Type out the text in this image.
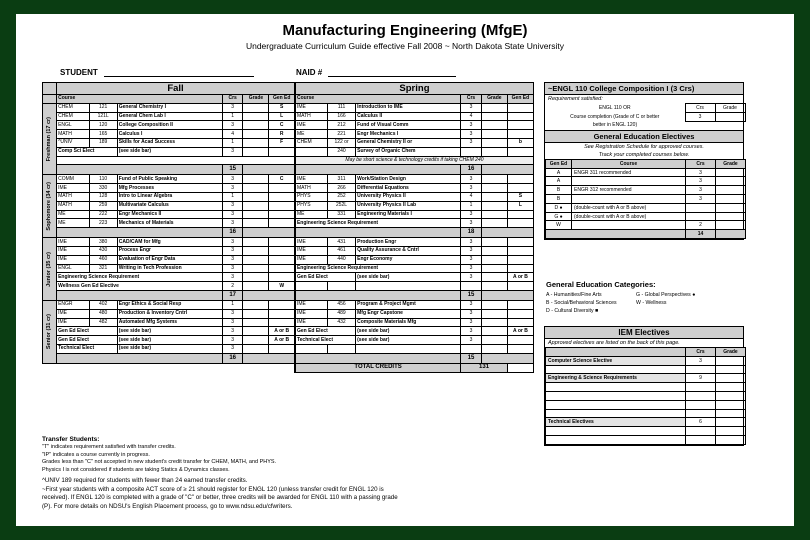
Manufacturing Engineering (MfgE)
Undergraduate Curriculum Guide effective Fall 2008 ~ North Dakota State University
STUDENT	NAID #
	Fall						Spring					
	Course			Crs	Grade	Gen Ed	Course			Crs	Grade	Gen Ed

Freshman (17 cr)	CHEM	121	General Chemistry I	3		S	IME	111	Introduction to IME	3		
	CHEM	121L	General Chem Lab I	1		L	MATH	166	Calculus II	4		
	ENGL	120	College Composition II	3		C	IME	212	Fund of Visual Comm	3		
	MATH	165	Calculus I	4		R	ME	221	Engr Mechanics I	3		
	^UNIV	189	Skills for Acad Success	1		F	CHEM	122 or	General Chemistry II or	3		b
	Comp Sci Elect		(see side bar)	3				240	Survey of Organic Chem			
							May be short science & technology credits if taking CHEM 240					
				15						16		

Sophomore (34 cr)	COMM	110	Fund of Public Speaking	3		C	IME	311	Work/Station Design	3		
	IME	330	Mfg Processes	3			MATH	266	Differential Equations	3		
	MATH	128	Intro to Linear Algebra	1			PHYS	252	University Physics II	4		S
	MATH	259	Multivariate Calculus	3			PHYS	252L	University Physics II Lab	1		L
	ME	222	Engr Mechanics II	3			ME	331	Engineering Materials I	3		
	ME	223	Mechanics of Materials	3			Engineering Science Requirement			3		
				16						18		

Junior (35 cr)	IME	380	CAD/CAM for Mfg	3			IME	431	Production Engr	3		
	IME	430	Process Engr	3			IME	461	Quality Assurance & Cntrl	3		
	IME	460	Evaluation of Engr Data	3			IME	440	Engr Economy	3		
	ENGL	321	Writing in Tech Profession	3			Engineering Science Requirement			3		
	Engineering Science Requirement			3			Gen Ed Elect		(see side bar)	3		A or B
	Wellness Gen Ed Elective			2		W						
				17						15		

Senior (31 cr)	ENGR	402	Engr Ethics & Social Resp	1			IME	456	Program & Project Mgmt	3		
	IME	480	Production & Inventory Cntrl	3			IME	489	Mfg Engr Capstone	3		
	IME	482	Automated Mfg Systems	3			IME	432	Composite Materials Mfg	3		
	Gen Ed Elect		(see side bar)	3		A or B	Gen Ed Elect		(see side bar)	3		A or B
	Gen Ed Elect		(see side bar)	3		A or B	Technical Elect		(see side bar)	3		
	Technical Elect		(see side bar)	3								
				16						15		
							TOTAL CREDITS			131		
~ENGL 110 College Composition I (3 Crs)
Requirement satisfied:
ENGL 110 OR	Crs	Grade
Course completion (Grade of C or better	3	
better in ENGL 120)		
General Education Electives
See Registration Schedule for approved courses.
Track your completed courses below.
Gen Ed	Course	Crs	Grade
A	ENGR 311 recommended	3	
A		3	
B	ENGR 312 recommended	3	
B		3	
D ●	(double-count with A or B above)		
G ●	(double-count with A or B above)		
W		2	
		14	
General Education Categories:
A - Humanities/Fine Arts	G - Global Perspectives ●
B - Social/Behavioral Sciences	W - Wellness
D - Cultural Diversity ■
IEM Electives
Approved electives are listed on the back of this page.
	Crs	Grade
Computer Science Elective	3	

Engineering & Science Requirements	9	

Technical Electives	6	

Transfer Students:
"T" indicates requirement satisfied with transfer credits.
"IP" indicates a course currently in progress.
Grades less than "C" not accepted in new student's credit transfer for CHEM, MATH, and PHYS.
Physics I is not considered if students are taking Statics & Dynamics classes.

^UNIV 189 required for students with fewer than 24 earned transfer credits.

~First year students with a composite ACT score of ≥ 21 should register for ENGL 120 (unless transfer credit for ENGL 120 is

received). If ENGL 120 is completed with a grade of "C" or better, three credits will be awarded for ENGL 110 with a passing grade

(P). For more details on NDSU's English Placement process, go to www.ndsu.edu/cfwriters.
